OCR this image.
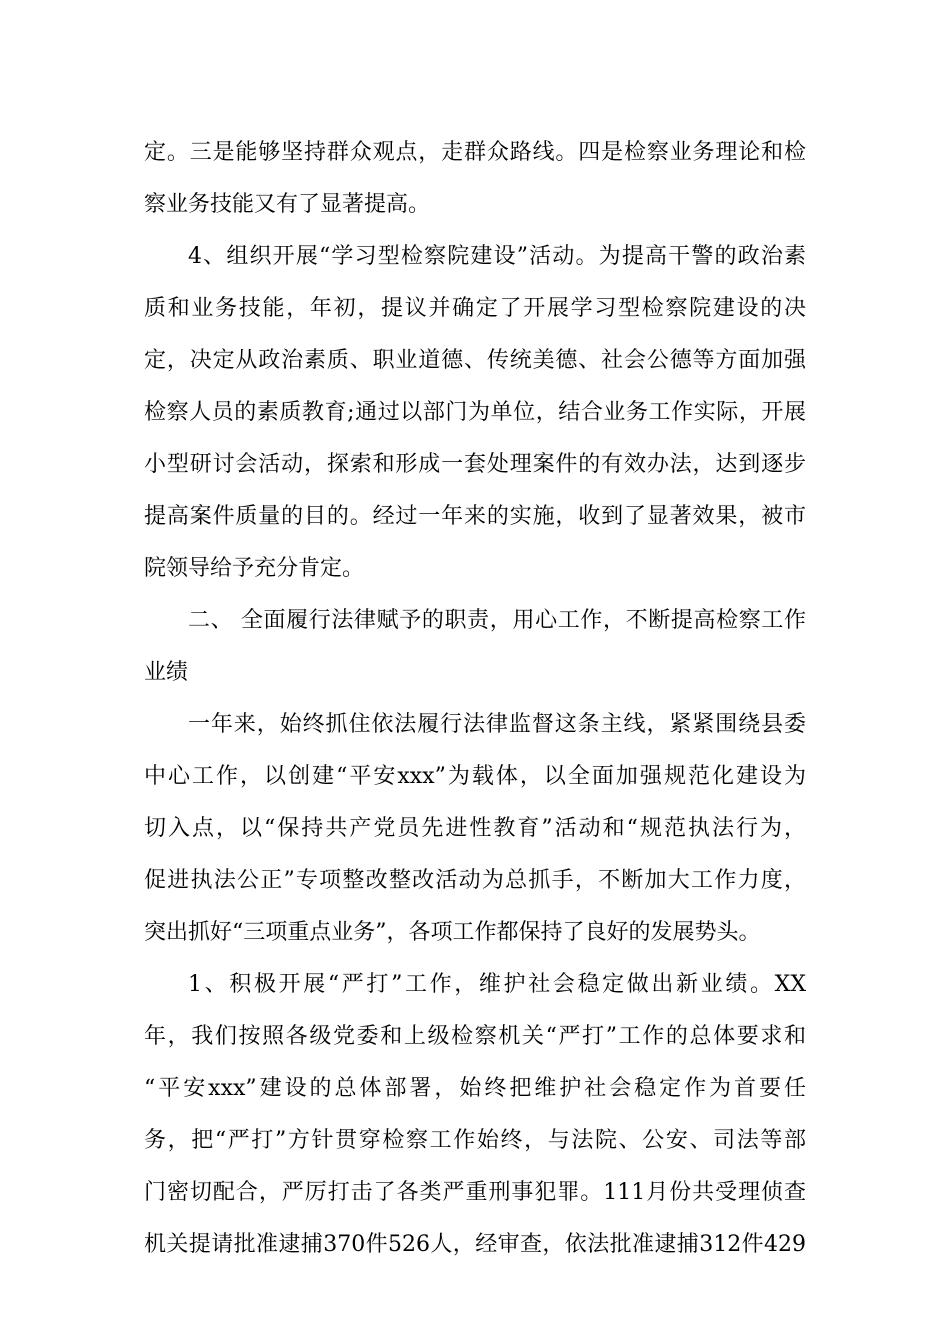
定。三是能够坚持群众观点，走群众路线。四是检察业务理论和检
察业务技能又有了显著提高。
4、组织开展“学习型检察院建设”活动。为提高干警的政治素
质和业务技能，年初，提议并确定了开展学习型检察院建设的决
定，决定从政治素质、职业道德、传统美德、社会公德等方面加强
检察人员的素质教育;通过以部门为单位，结合业务工作实际，开展
小型研讨会活动，探索和形成一套处理案件的有效办法，达到逐步
提高案件质量的目的。经过一年来的实施，收到了显著效果，被市
院领导给予充分肯定。
二、 全面履行法律赋予的职责，用心工作，不断提高检察工作
业绩
一年来，始终抓住依法履行法律监督这条主线，紧紧围绕县委
中心工作，以创建“平安xxx”为载体，以全面加强规范化建设为
切入点，以“保持共产党员先进性教育”活动和“规范执法行为，
促进执法公正”专项整改整改活动为总抓手，不断加大工作力度，
突出抓好“三项重点业务”，各项工作都保持了良好的发展势头。
1、积极开展“严打”工作，维护社会稳定做出新业绩。XX
年，我们按照各级党委和上级检察机关“严打”工作的总体要求和
“平安xxx”建设的总体部署，始终把维护社会稳定作为首要任
务，把“严打”方针贯穿检察工作始终，与法院、公安、司法等部
门密切配合，严厉打击了各类严重刑事犯罪。111月份共受理侦查
机关提请批准逮捕370件526人，经审查，依法批准逮捕312件429
